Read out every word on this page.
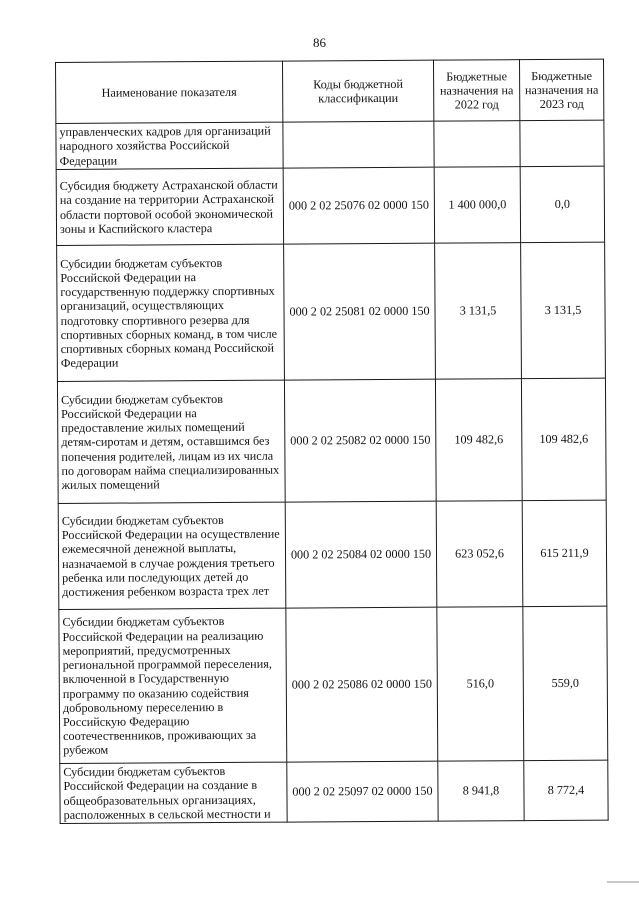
86
Наименование показателя	Коды бюджетной классификации	Бюджетные назначения на 2022 год	Бюджетные назначения на 2023 год
управленческих кадров для организаций народного хозяйства Российской Федерации			
Субсидия бюджету Астраханской области на создание на территории Астраханской области портовой особой экономической зоны и Каспийского кластера	000 2 02 25076 02 0000 150	1 400 000,0	0,0
Субсидии бюджетам субъектов Российской Федерации на государственную поддержку спортивных организаций, осуществляющих подготовку спортивного резерва для спортивных сборных команд, в том числе спортивных сборных команд Российской Федерации	000 2 02 25081 02 0000 150	3 131,5	3 131,5
Субсидии бюджетам субъектов Российской Федерации на предоставление жилых помещений детям-сиротам и детям, оставшимся без попечения родителей, лицам из их числа по договорам найма специализированных жилых помещений	000 2 02 25082 02 0000 150	109 482,6	109 482,6
Субсидии бюджетам субъектов Российской Федерации на осуществление ежемесячной денежной выплаты, назначаемой в случае рождения третьего ребенка или последующих детей до достижения ребенком возраста трех лет	000 2 02 25084 02 0000 150	623 052,6	615 211,9
Субсидии бюджетам субъектов Российской Федерации на реализацию мероприятий, предусмотренных региональной программой переселения, включенной в Государственную программу по оказанию содействия добровольному переселению в Российскую Федерацию соотечественников, проживающих за рубежом	000 2 02 25086 02 0000 150	516,0	559,0
Субсидии бюджетам субъектов Российской Федерации на создание в общеобразовательных организациях, расположенных в сельской местности и	000 2 02 25097 02 0000 150	8 941,8	8 772,4
